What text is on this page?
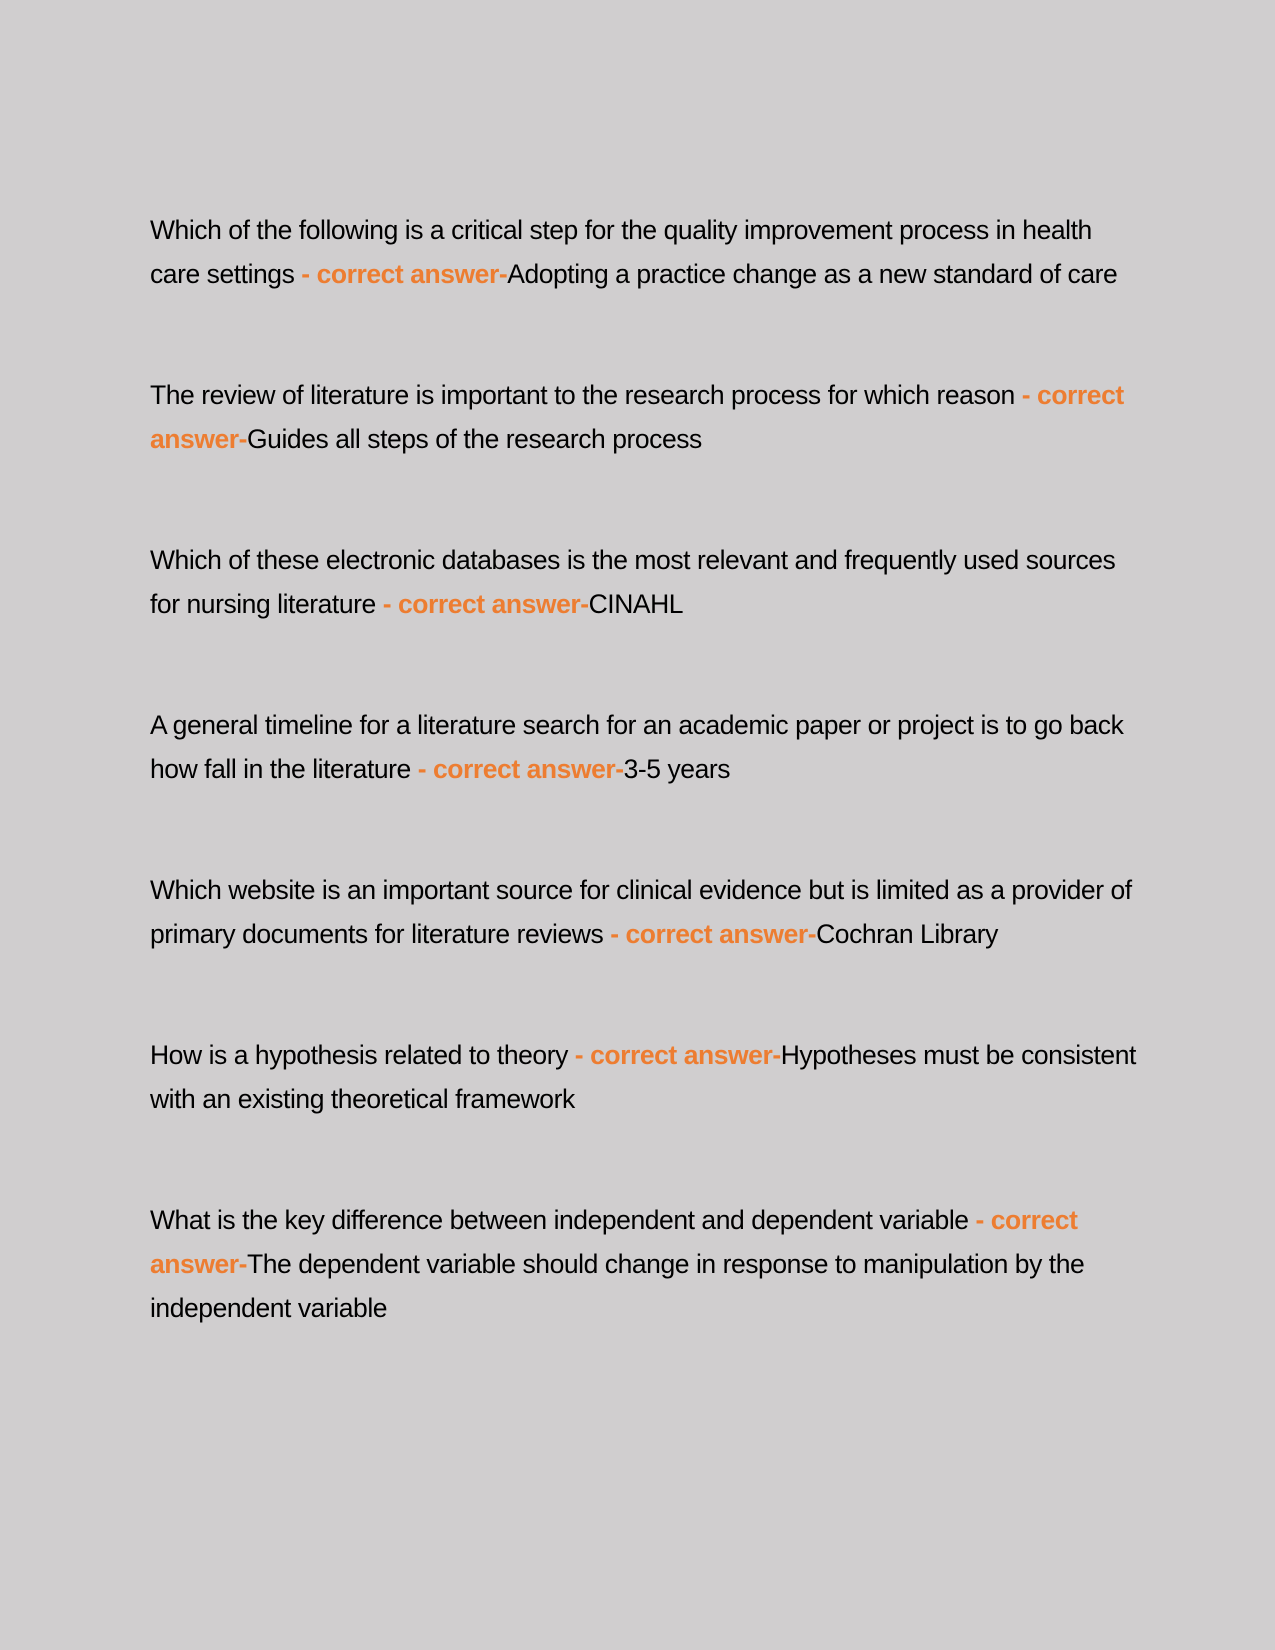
Which of the following is a critical step for the quality improvement process in health care settings - correct answer-Adopting a practice change as a new standard of care

The review of literature is important to the research process for which reason - correct answer-Guides all steps of the research process

Which of these electronic databases is the most relevant and frequently used sources for nursing literature - correct answer-CINAHL

A general timeline for a literature search for an academic paper or project is to go back how fall in the literature - correct answer-3-5 years

Which website is an important source for clinical evidence but is limited as a provider of primary documents for literature reviews - correct answer-Cochran Library

How is a hypothesis related to theory - correct answer-Hypotheses must be consistent with an existing theoretical framework

What is the key difference between independent and dependent variable - correct answer-The dependent variable should change in response to manipulation by the independent variable
